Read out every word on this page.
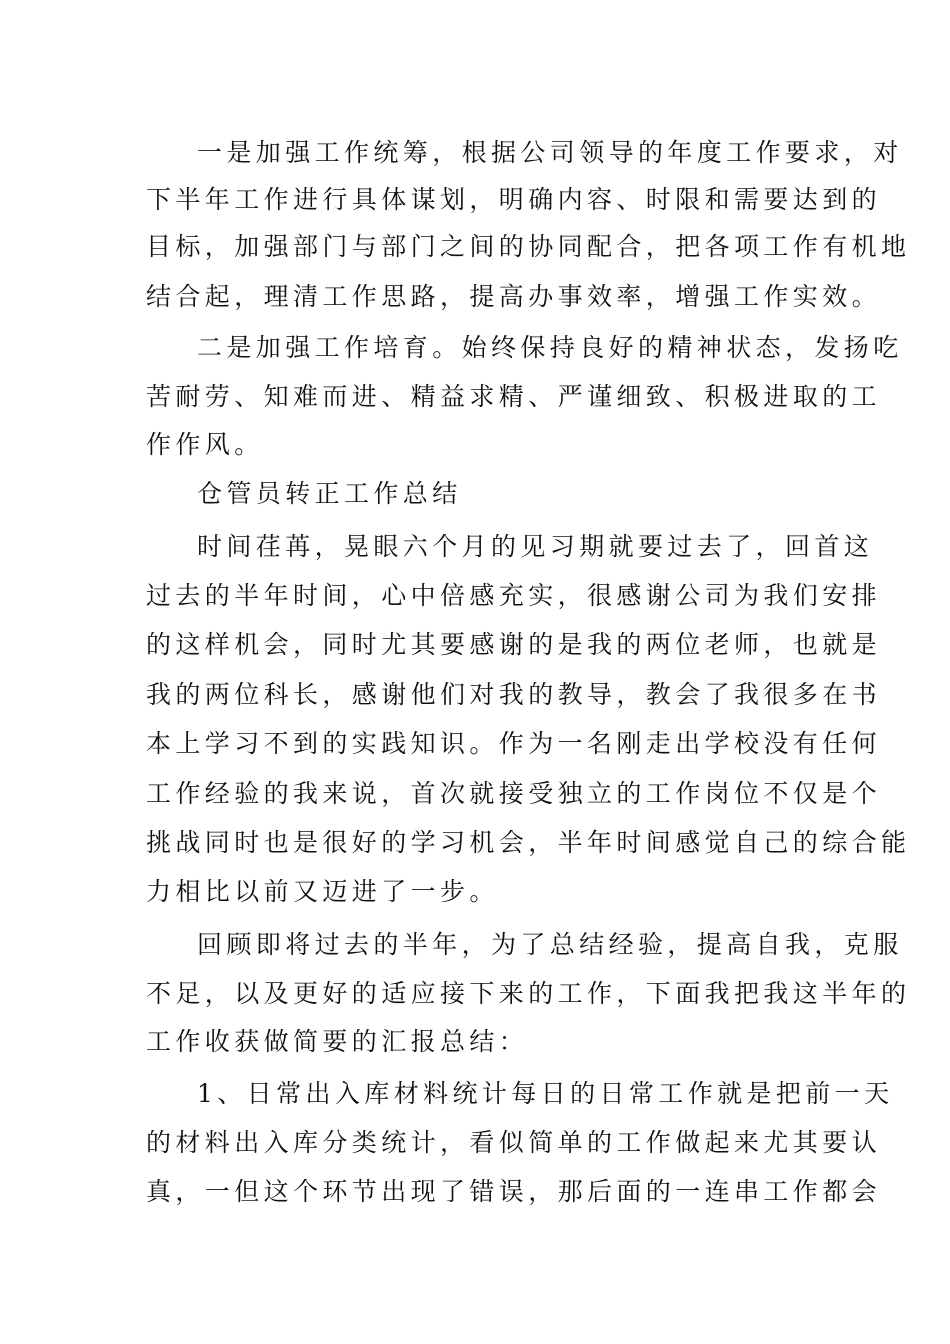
一是加强工作统筹，根据公司领导的年度工作要求，对
下半年工作进行具体谋划，明确内容、时限和需要达到的
目标，加强部门与部门之间的协同配合，把各项工作有机地
结合起，理清工作思路，提高办事效率，增强工作实效。
二是加强工作培育。始终保持良好的精神状态，发扬吃
苦耐劳、知难而进、精益求精、严谨细致、积极进取的工
作作风。
仓管员转正工作总结
时间荏苒，晃眼六个月的见习期就要过去了，回首这
过去的半年时间，心中倍感充实，很感谢公司为我们安排
的这样机会，同时尤其要感谢的是我的两位老师，也就是
我的两位科长，感谢他们对我的教导，教会了我很多在书
本上学习不到的实践知识。作为一名刚走出学校没有任何
工作经验的我来说，首次就接受独立的工作岗位不仅是个
挑战同时也是很好的学习机会，半年时间感觉自己的综合能
力相比以前又迈进了一步。
回顾即将过去的半年，为了总结经验，提高自我，克服
不足，以及更好的适应接下来的工作，下面我把我这半年的
工作收获做简要的汇报总结：
1、日常出入库材料统计每日的日常工作就是把前一天
的材料出入库分类统计，看似简单的工作做起来尤其要认
真，一但这个环节出现了错误，那后面的一连串工作都会
